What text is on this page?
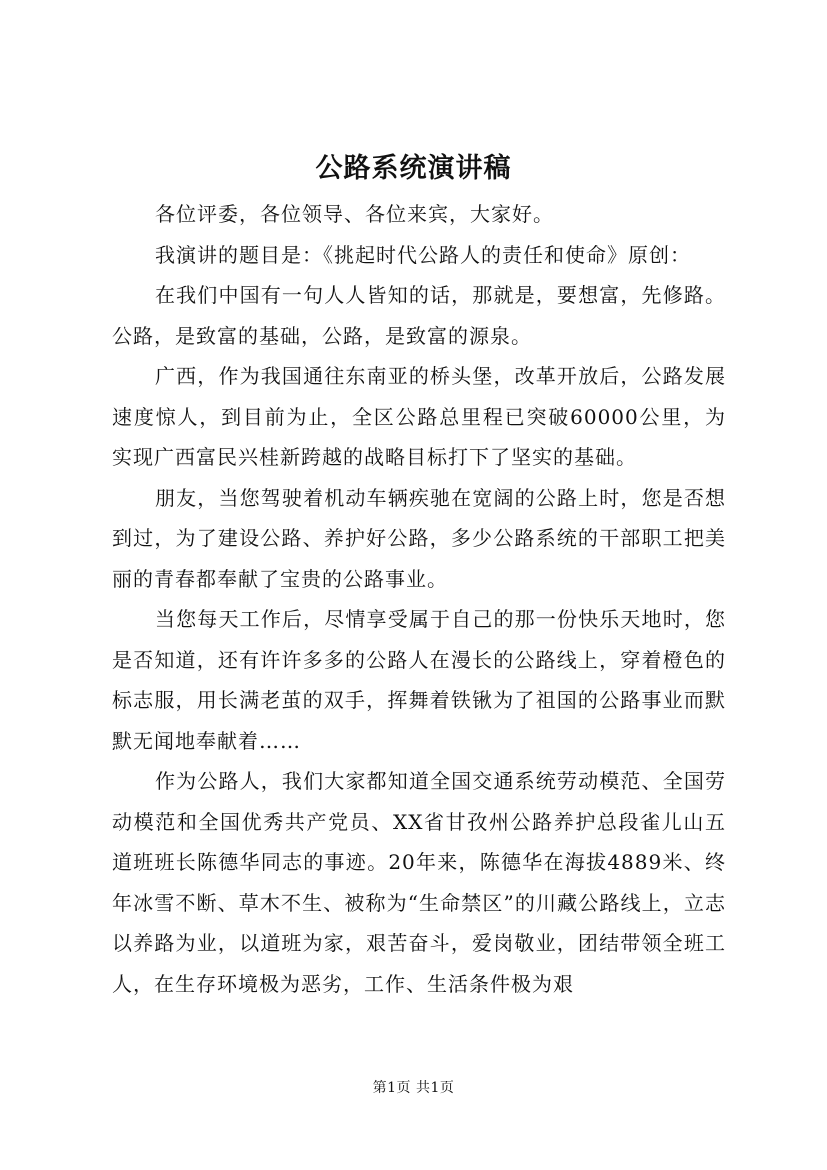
公路系统演讲稿

各位评委，各位领导、各位来宾，大家好。

我演讲的题目是：《挑起时代公路人的责任和使命》原创：

在我们中国有一句人人皆知的话，那就是，要想富，先修路。公路，是致富的基础，公路，是致富的源泉。

广西，作为我国通往东南亚的桥头堡，改革开放后，公路发展速度惊人，到目前为止，全区公路总里程已突破60000公里，为实现广西富民兴桂新跨越的战略目标打下了坚实的基础。

朋友，当您驾驶着机动车辆疾驰在宽阔的公路上时，您是否想到过，为了建设公路、养护好公路，多少公路系统的干部职工把美丽的青春都奉献了宝贵的公路事业。

当您每天工作后，尽情享受属于自己的那一份快乐天地时，您是否知道，还有许许多多的公路人在漫长的公路线上，穿着橙色的标志服，用长满老茧的双手，挥舞着铁锹为了祖国的公路事业而默默无闻地奉献着……

作为公路人，我们大家都知道全国交通系统劳动模范、全国劳动模范和全国优秀共产党员、XX省甘孜州公路养护总段雀儿山五道班班长陈德华同志的事迹。20年来，陈德华在海拔4889米、终年冰雪不断、草木不生、被称为“生命禁区”的川藏公路线上，立志以养路为业，以道班为家，艰苦奋斗，爱岗敬业，团结带领全班工人，在生存环境极为恶劣，工作、生活条件极为艰

第1页 共1页
